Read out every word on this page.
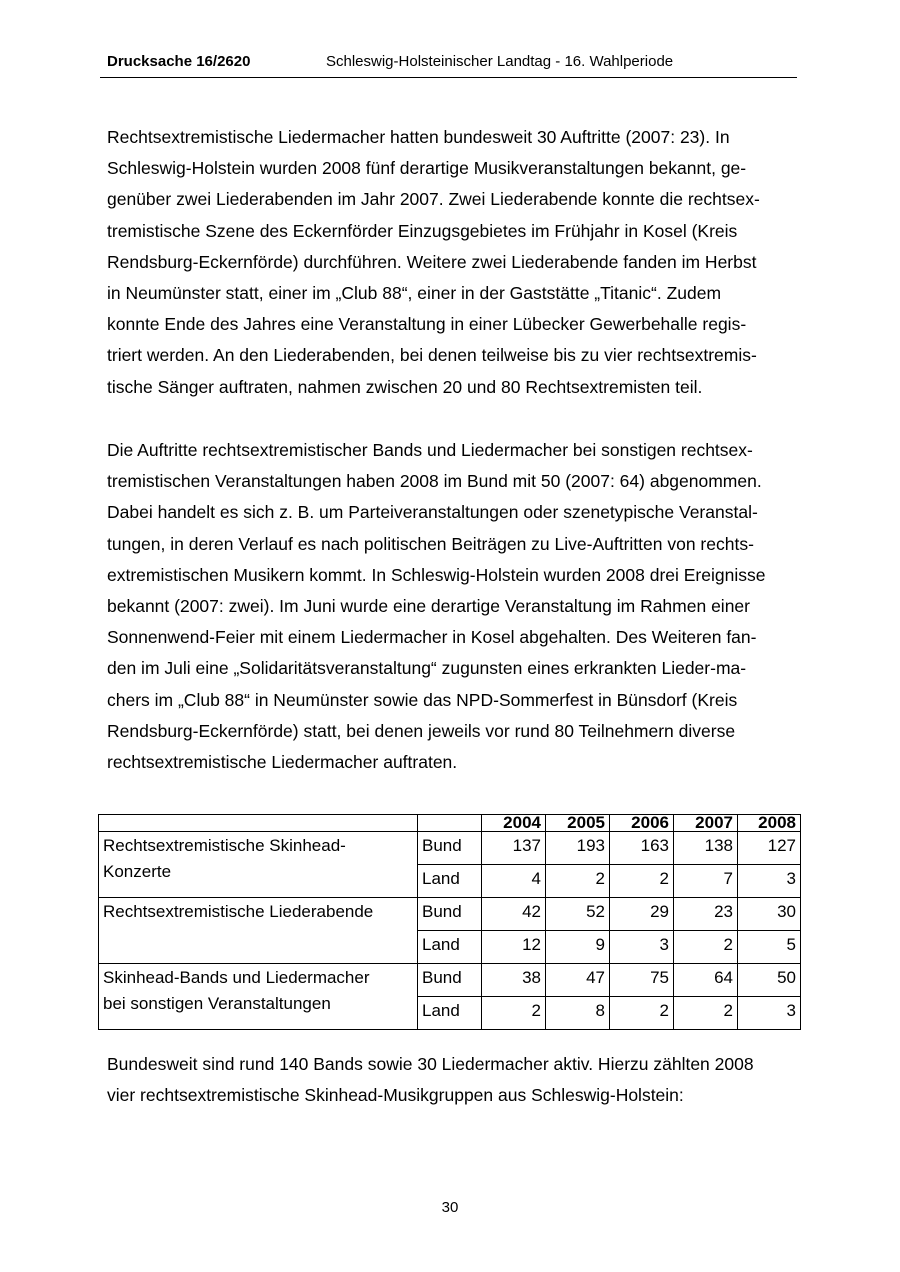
Drucksache 16/2620	Schleswig-Holsteinischer Landtag - 16. Wahlperiode

Rechtsextremistische Liedermacher hatten bundesweit 30 Auftritte (2007: 23). In
Schleswig-Holstein wurden 2008 fünf derartige Musikveranstaltungen bekannt, ge-
genüber zwei Liederabenden im Jahr 2007. Zwei Liederabende konnte die rechtsex-
tremistische Szene des Eckernförder Einzugsgebietes im Frühjahr in Kosel (Kreis
Rendsburg-Eckernförde) durchführen. Weitere zwei Liederabende fanden im Herbst
in Neumünster statt, einer im „Club 88“, einer in der Gaststätte „Titanic“. Zudem
konnte Ende des Jahres eine Veranstaltung in einer Lübecker Gewerbehalle regis-
triert werden. An den Liederabenden, bei denen teilweise bis zu vier rechtsextremis-
tische Sänger auftraten, nahmen zwischen 20 und 80 Rechtsextremisten teil.

Die Auftritte rechtsextremistischer Bands und Liedermacher bei sonstigen rechtsex-
tremistischen Veranstaltungen haben 2008 im Bund mit 50 (2007: 64) abgenommen.
Dabei handelt es sich z. B. um Parteiveranstaltungen oder szenetypische Veranstal-
tungen, in deren Verlauf es nach politischen Beiträgen zu Live-Auftritten von rechts-
extremistischen Musikern kommt. In Schleswig-Holstein wurden 2008 drei Ereignisse
bekannt (2007: zwei). Im Juni wurde eine derartige Veranstaltung im Rahmen einer
Sonnenwend-Feier mit einem Liedermacher in Kosel abgehalten. Des Weiteren fan-
den im Juli eine „Solidaritätsveranstaltung“ zugunsten eines erkrankten Lieder-ma-
chers im „Club 88“ in Neumünster sowie das NPD-Sommerfest in Bünsdorf (Kreis
Rendsburg-Eckernförde) statt, bei denen jeweils vor rund 80 Teilnehmern diverse
rechtsextremistische Liedermacher auftraten.

		2004	2005	2006	2007	2008

Rechtsextremistische Skinhead-
Konzerte	Bund	137	193	163	138	127
	Land	4	2	2	7	3

Rechtsextremistische Liederabende	Bund	42	52	29	23	30
	Land	12	9	3	2	5

Skinhead-Bands und Liedermacher
bei sonstigen Veranstaltungen	Bund	38	47	75	64	50
	Land	2	8	2	2	3

Bundesweit sind rund 140 Bands sowie 30 Liedermacher aktiv. Hierzu zählten 2008
vier rechtsextremistische Skinhead-Musikgruppen aus Schleswig-Holstein:

30
